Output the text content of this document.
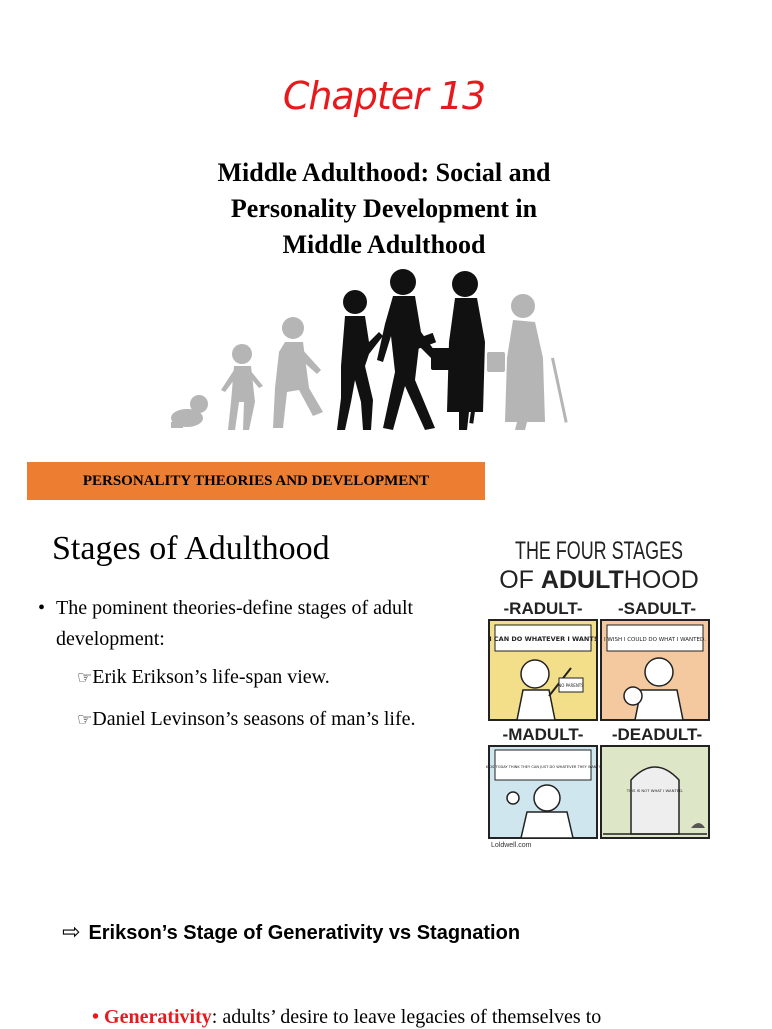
Chapter 13
Middle Adulthood: Social and
Personality Development in
Middle Adulthood
PERSONALITY THEORIES AND DEVELOPMENT
Stages of Adulthood
• The pominent theories-define stages of adult development:
☞Erik Erikson’s life-span view.
☞Daniel Levinson’s seasons of man’s life.
THE FOUR STAGES
OF ADULTHOOD
-RADULT- -SADULT-
I CAN DO WHATEVER I WANT!
NO PARENTS
I WISH I COULD DO WHAT I WANTED.
-MADULT- -DEADULT-
KIDS TODAY THINK THEY CAN JUST DO WHATEVER THEY WANT!
THIS IS NOT WHAT I WANTED.
Loldwell.com
⇨ Erikson’s Stage of Generativity vs Stagnation
• Generativity: adults’ desire to leave legacies of themselves to
